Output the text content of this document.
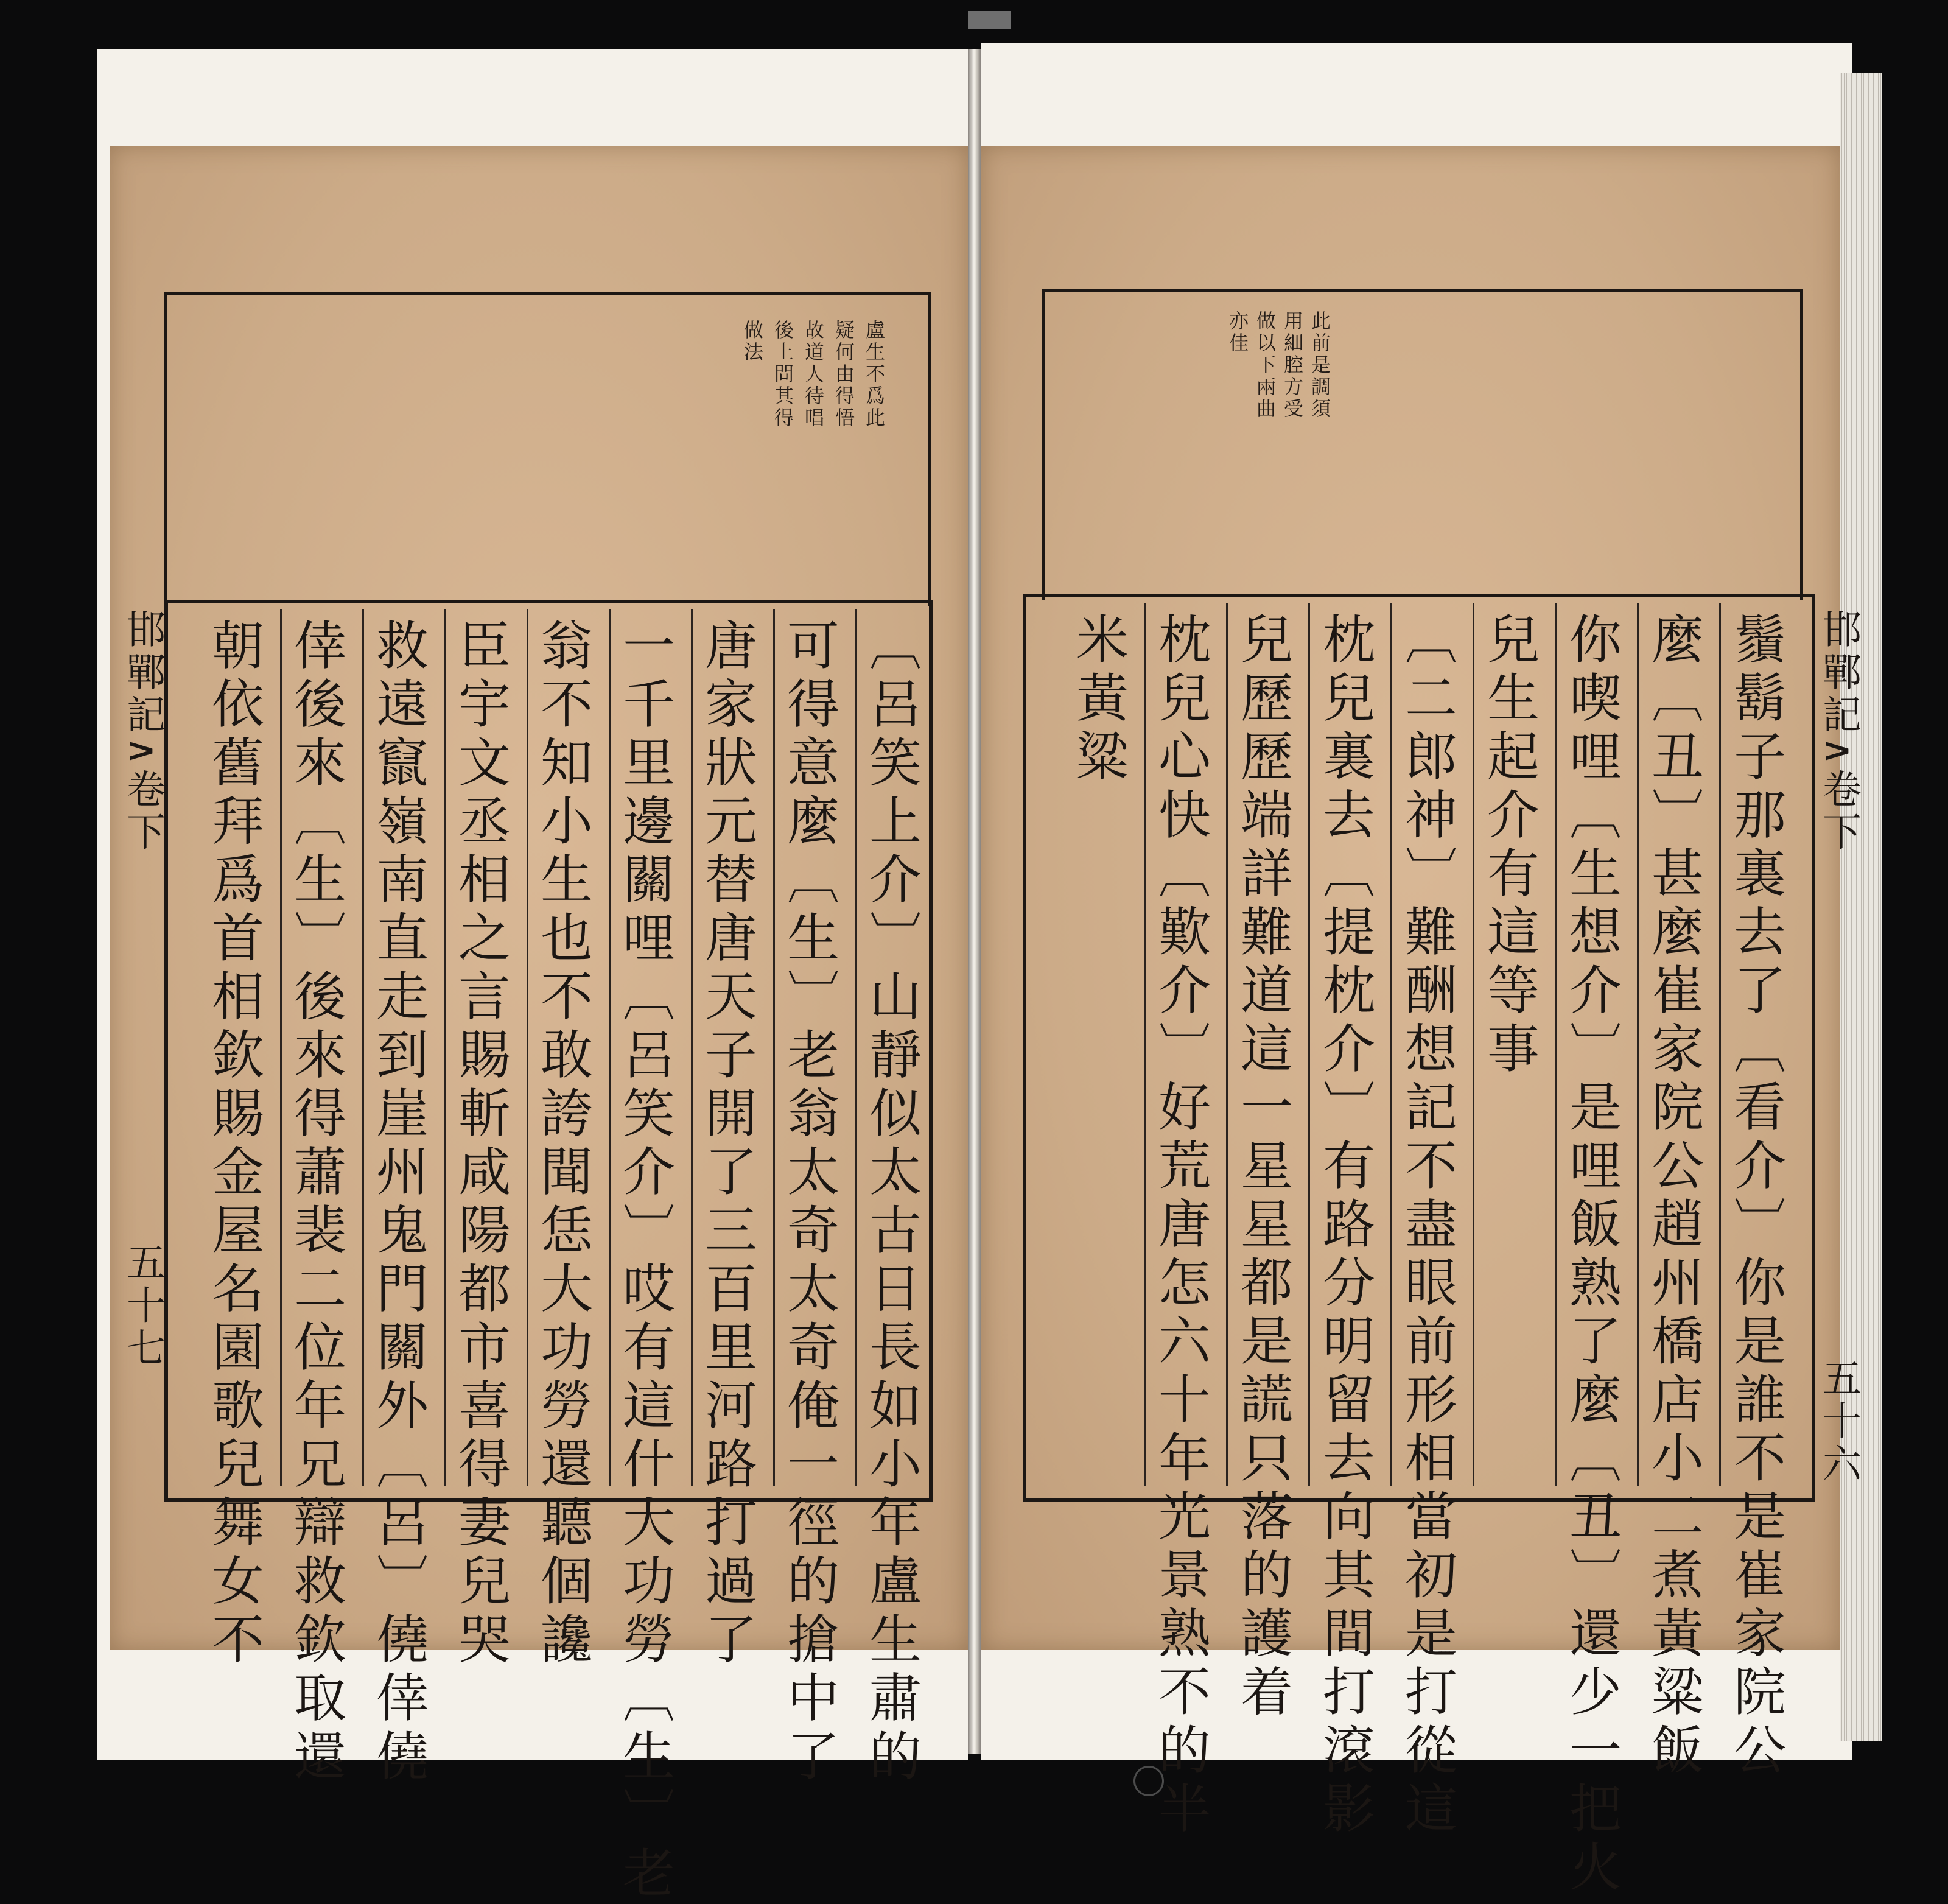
盧生不爲此
疑何由得悟
故道人待唱
後上問其得
做法
邯鄲記∧卷下
五十七	〔呂笑上介〕山靜似太古日長如小年盧生肅的
可得意麼〔生〕老翁太奇太奇俺一徑的搶中了
唐家狀元替唐天子開了三百里河路打過了
一千里邊關哩〔呂笑介〕哎有這什大功勞〔生〕老
翁不知小生也不敢誇聞恁大功勞還聽個讒
臣宇文丞相之言賜斬咸陽都市喜得妻兒哭
救遠竄嶺南直走到崖州鬼門關外〔呂〕僥倖僥
倖後來〔生〕後來得蕭裴二位年兄辯救欽取還
朝依舊拜爲首相欽賜金屋名園歌兒舞女不
此前是調須
用細腔方受
做以下兩曲
亦佳
邯鄲記∧卷下
五十六
鬚鬍子那裏去了〔看介〕你是誰不是崔家院公
麼〔丑〕甚麼崔家院公趙州橋店小二煮黃粱飯
你喫哩〔生想介〕是哩飯熟了麼〔丑〕還少一把火
兒生起介有這等事
〔二郎神〕難酬想記不盡眼前形相當初是打從這
枕兒裏去〔提枕介〕有路分明留去向其間打滾影
兒歷歷端詳難道這一星星都是謊只落的護着
枕兒心快〔歎介〕好荒唐怎六十年光景熟不的半
米黃粱
